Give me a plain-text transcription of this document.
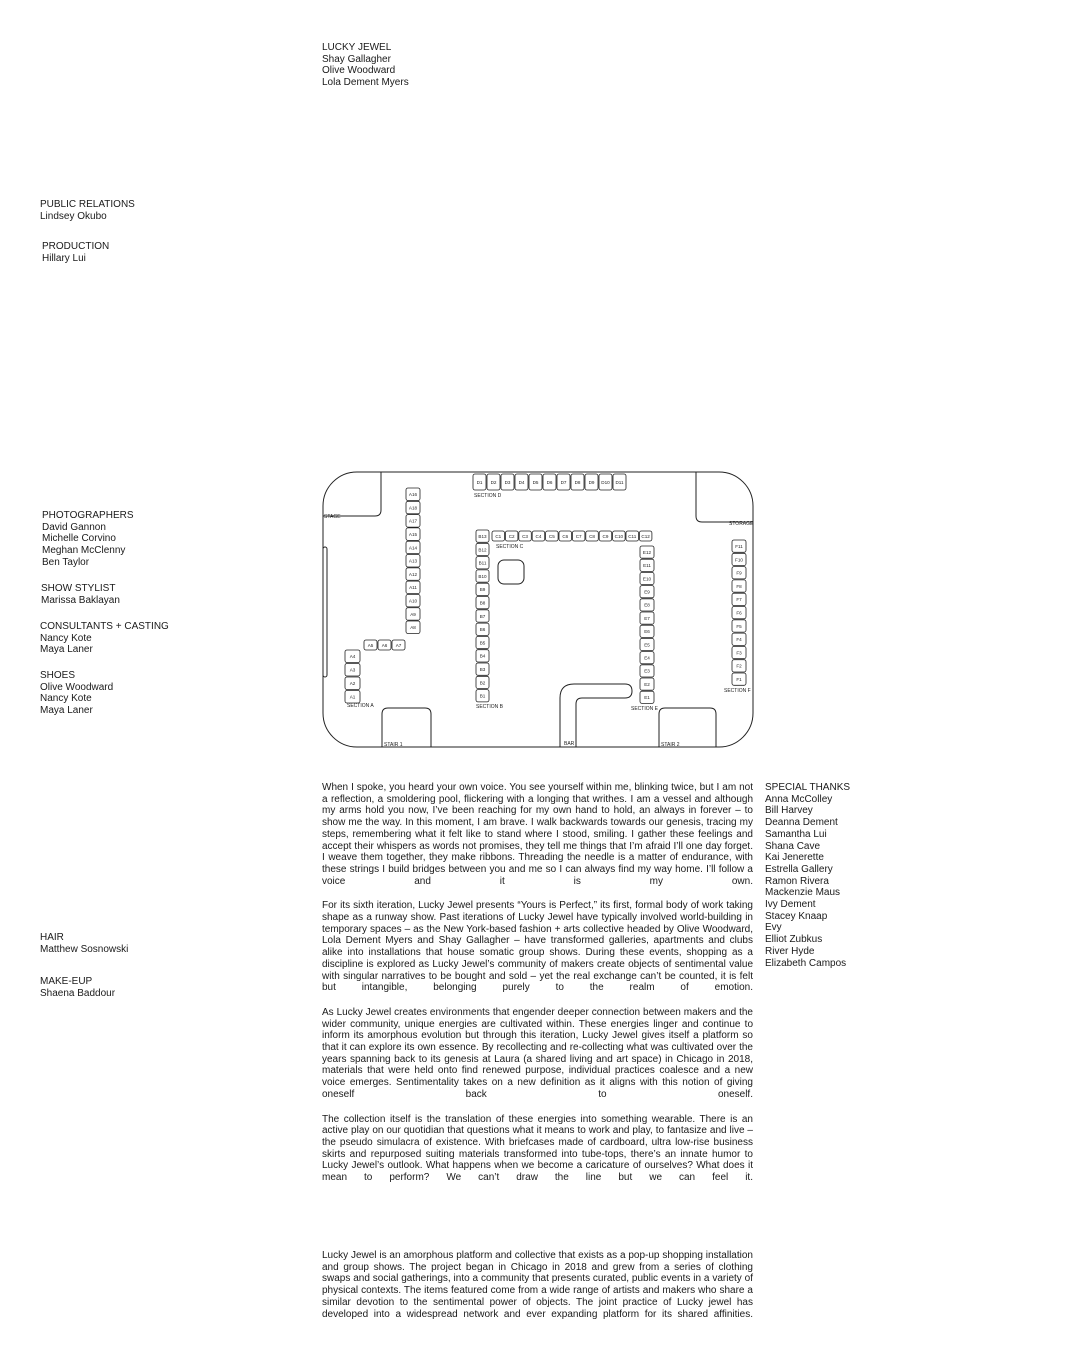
LUCKY JEWEL
Shay Gallagher
Olive Woodward
Lola Dement Myers
PUBLIC RELATIONS
Lindsey Okubo
PRODUCTION
Hillary Lui
PHOTOGRAPHERS
David Gannon
Michelle Corvino
Meghan McClenny
Ben Taylor
SHOW STYLIST
Marissa Baklayan
CONSULTANTS + CASTING
Nancy Kote
Maya Laner
SHOES
Olive Woodward
Nancy Kote
Maya Laner
HAIR
Matthew Sosnowski
MAKE-EUP
Shaena Baddour
D1 D2 D3 D4 D5 D6 D7 D8 D9 D10 D11
A16
A18
A17
A15
A14
A13
A12
A11
A10
A9
A8
A5 A6 A7
A4
A3
A2
A1
C1 C2 C3 C4 C5 C6 C7 C8 C9 C10 C11 C12
B13
B12
B11
B10
B9
B8
B7
B6
B5
B4
B3
B2
B1
E12
E11
E10
E9
E8
E7
E6
E5
E4
E3
E2
E1
F11
F10
F9
F8
F7
F6
F5
F4
F3
F2
F1
STAGE
STORAGE
STAIR 1	STAIR 2
BAR
SECTION A	SECTION B
SECTION C
SECTION D
SECTION E
SECTION F

When I spoke, you heard your own voice. You see yourself within me, blinking twice, but I am not a reflection, a smoldering pool, flickering with a longing that writhes. I am a vessel and although my arms hold you now, I’ve been reaching for my own hand to hold, an always in forever – to show me the way. In this moment, I am brave. I walk backwards towards our genesis, tracing my steps, remembering what it felt like to stand where I stood, smiling. I gather these feelings and accept their whispers as words not promises, they tell me things that I’m afraid I’ll one day forget. I weave them together, they make ribbons. Threading the needle is a matter of endurance, with these strings I build bridges between you and me so I can always find my way home. I’ll follow a voice and it is my own.

For its sixth iteration, Lucky Jewel presents “Yours is Perfect,” its first, formal body of work taking shape as a runway show. Past iterations of Lucky Jewel have typically involved world-building in temporary spaces – as the New York-based fashion + arts collective headed by Olive Woodward, Lola Dement Myers and Shay Gallagher – have transformed galleries, apartments and clubs alike into installations that house somatic group shows. During these events, shopping as a discipline is explored as Lucky Jewel’s community of makers create objects of sentimental value with singular narratives to be bought and sold – yet the real exchange can’t be counted, it is felt but intangible, belonging purely to the realm of emotion.

As Lucky Jewel creates environments that engender deeper connection between makers and the wider community, unique energies are cultivated within. These energies linger and continue to inform its amorphous evolution but through this iteration, Lucky Jewel gives itself a platform so that it can explore its own essence. By recollecting and re-collecting what was cultivated over the years spanning back to its genesis at Laura (a shared living and art space) in Chicago in 2018, materials that were held onto find renewed purpose, individual practices coalesce and a new voice emerges. Sentimentality takes on a new definition as it aligns with this notion of giving oneself back to oneself.

The collection itself is the translation of these energies into something wearable. There is an active play on our quotidian that questions what it means to work and play, to fantasize and live – the pseudo simulacra of existence. With briefcases made of cardboard, ultra low-rise business skirts and repurposed suiting materials transformed into tube-tops, there’s an innate humor to Lucky Jewel’s outlook. What happens when we become a caricature of ourselves? What does it mean to perform? We can’t draw the line but we can feel it.

Lucky Jewel is an amorphous platform and collective that exists as a pop-up shopping installation and group shows. The project began in Chicago in 2018 and grew from a series of clothing swaps and social gatherings, into a community that presents curated, public events in a variety of physical contexts. The items featured come from a wide range of artists and makers who share a similar devotion to the sentimental power of objects. The joint practice of Lucky jewel has developed into a widespread network and ever expanding platform for its shared affinities.

SPECIAL THANKS
Anna McColley
Bill Harvey
Deanna Dement
Samantha Lui
Shana Cave
Kai Jenerette
Estrella Gallery
Ramon Rivera
Mackenzie Maus
Ivy Dement
Stacey Knaap
Evy
Elliot Zubkus
River Hyde
Elizabeth Campos
